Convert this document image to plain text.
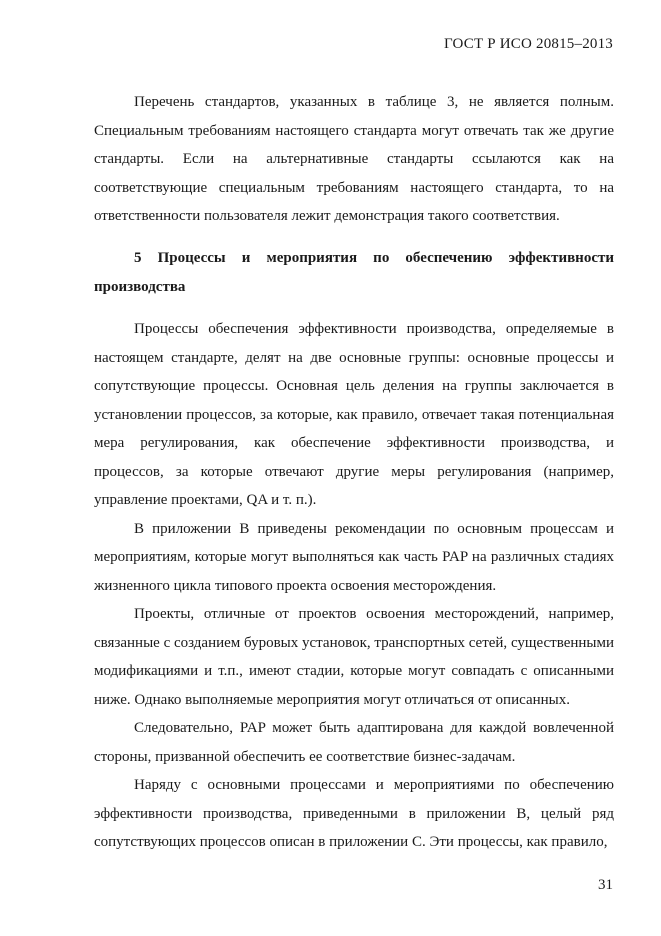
ГОСТ Р ИСО 20815–2013

Перечень стандартов, указанных в таблице 3, не является полным. Специальным требованиям настоящего стандарта могут отвечать так же другие стандарты. Если на альтернативные стандарты ссылаются как на соответствующие специальным требованиям настоящего стандарта, то на ответственности пользователя лежит демонстрация такого соответствия.

5 Процессы и мероприятия по обеспечению эффективности производства

Процессы обеспечения эффективности производства, определяемые в настоящем стандарте, делят на две основные группы: основные процессы и сопутствующие процессы. Основная цель деления на группы заключается в установлении процессов, за которые, как правило, отвечает такая потенциальная мера регулирования, как обеспечение эффективности производства, и процессов, за которые отвечают другие меры регулирования (например, управление проектами, QA и т. п.).

В приложении В приведены рекомендации по основным процессам и мероприятиям, которые могут выполняться как часть PAP на различных стадиях жизненного цикла типового проекта освоения месторождения.

Проекты, отличные от проектов освоения месторождений, например, связанные с созданием буровых установок, транспортных сетей, существенными модификациями и т.п., имеют стадии, которые могут совпадать с описанными ниже. Однако выполняемые мероприятия могут отличаться от описанных.

Следовательно, PAP может быть адаптирована для каждой вовлеченной стороны, призванной обеспечить ее соответствие бизнес-задачам.

Наряду с основными процессами и мероприятиями по обеспечению эффективности производства, приведенными в приложении В, целый ряд сопутствующих процессов описан в приложении С. Эти процессы, как правило,

31
